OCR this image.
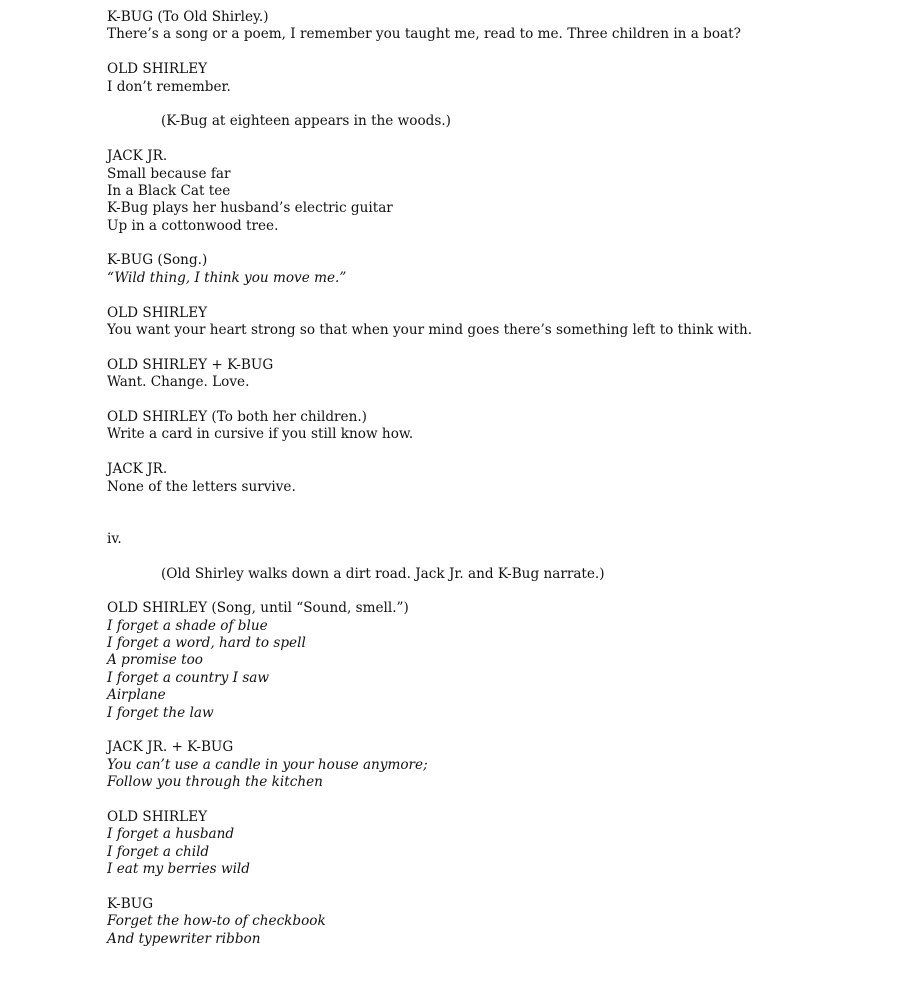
K-BUG (To Old Shirley.)
There’s a song or a poem, I remember you taught me, read to me. Three children in a boat?
OLD SHIRLEY
I don’t remember.
(K-Bug at eighteen appears in the woods.)
JACK JR.
Small because far
In a Black Cat tee
K-Bug plays her husband’s electric guitar
Up in a cottonwood tree.
K-BUG (Song.)
“Wild thing, I think you move me.”
OLD SHIRLEY
You want your heart strong so that when your mind goes there’s something left to think with.
OLD SHIRLEY + K-BUG
Want. Change. Love.
OLD SHIRLEY (To both her children.)
Write a card in cursive if you still know how.
JACK JR.
None of the letters survive.
iv.
(Old Shirley walks down a dirt road. Jack Jr. and K-Bug narrate.)
OLD SHIRLEY (Song, until “Sound, smell.”)
I forget a shade of blue
I forget a word, hard to spell
A promise too
I forget a country I saw
Airplane
I forget the law
JACK JR. + K-BUG
You can’t use a candle in your house anymore;
Follow you through the kitchen
OLD SHIRLEY
I forget a husband
I forget a child
I eat my berries wild
K-BUG
Forget the how-to of checkbook
And typewriter ribbon
